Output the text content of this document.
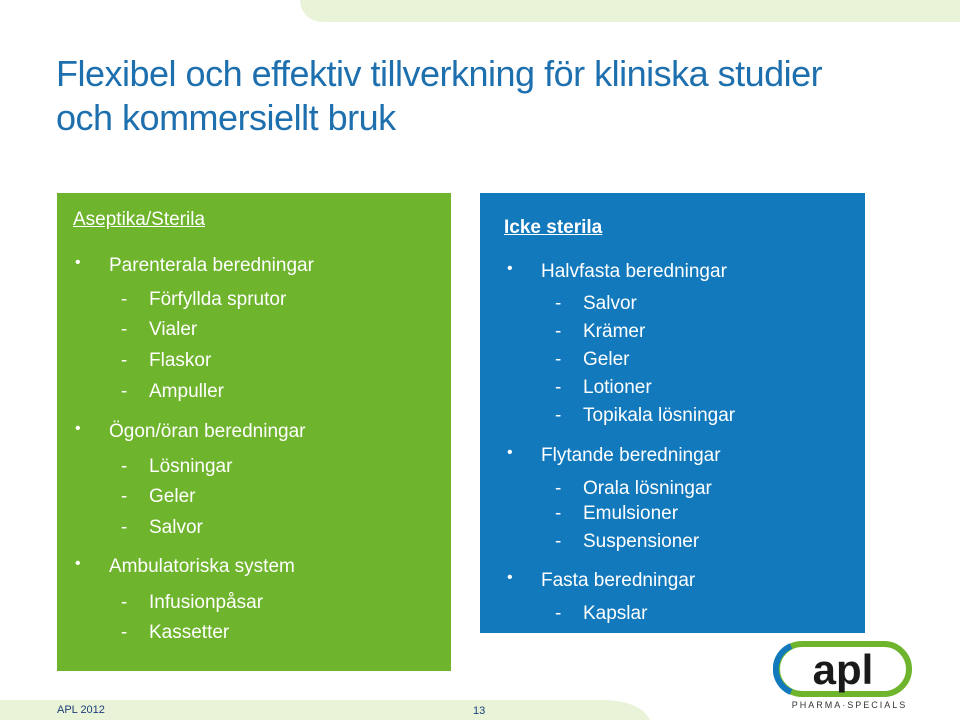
Flexibel och effektiv tillverkning för kliniska studier
och kommersiellt bruk
Aseptika/Sterila
• Parenterala beredningar
- Förfyllda sprutor
- Vialer
- Flaskor
- Ampuller
• Ögon/öran beredningar
- Lösningar
- Geler
- Salvor
• Ambulatoriska system
- Infusionpåsar
- Kassetter
Icke sterila
• Halvfasta beredningar
- Salvor
- Krämer
- Geler
- Lotioner
- Topikala lösningar
• Flytande beredningar
- Orala lösningar
- Emulsioner
- Suspensioner
• Fasta beredningar
- Kapslar
apl
PHARMA·SPECIALS
APL 2012	13
